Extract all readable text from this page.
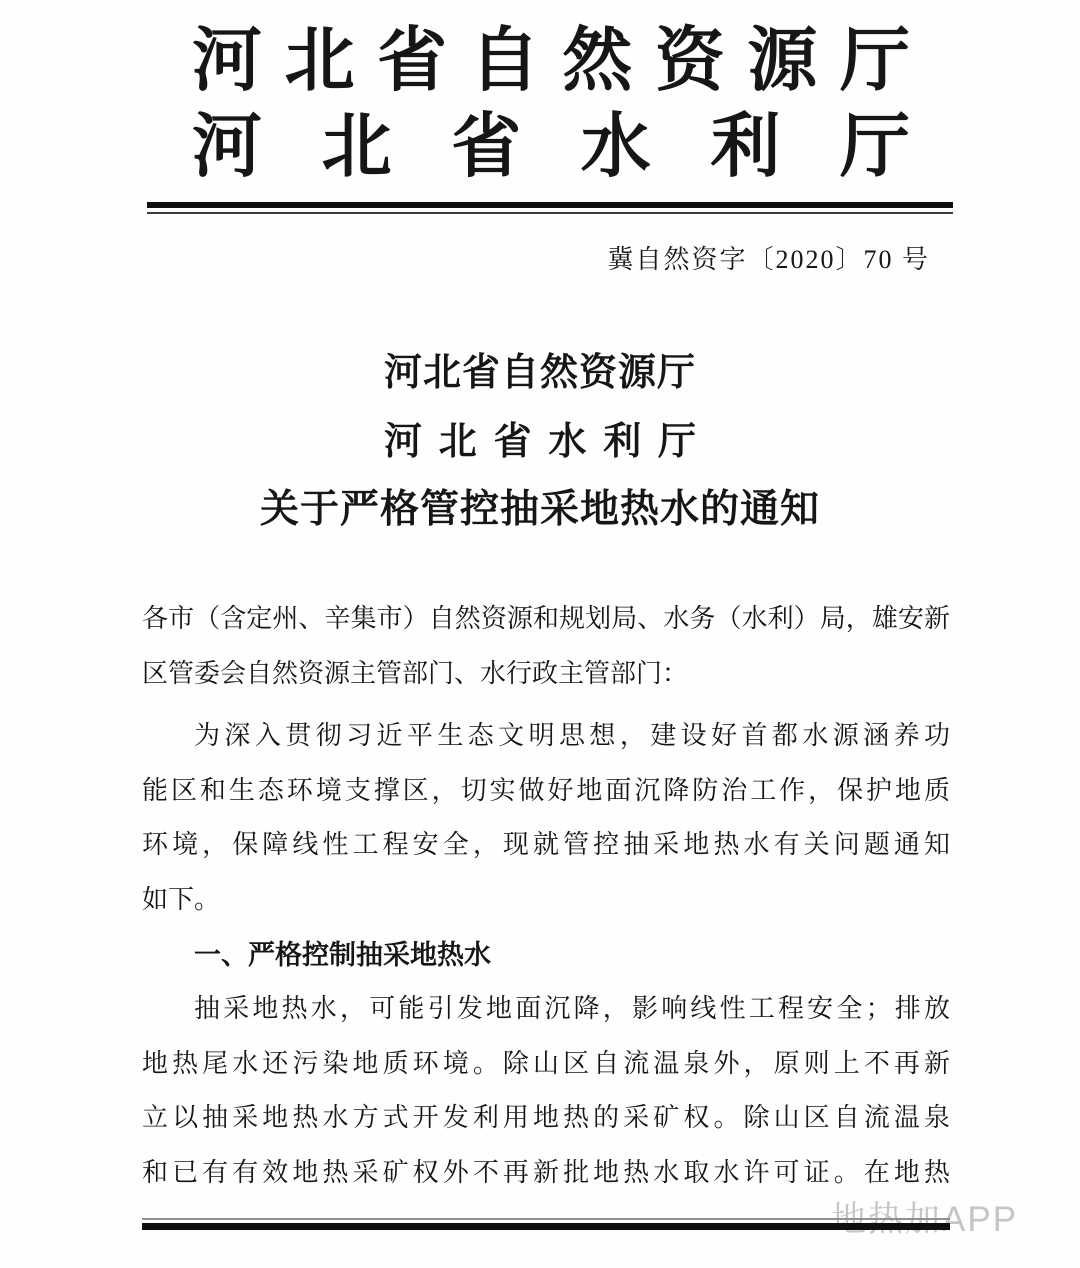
河 北 省 自 然 资 源 厅
河 北 省 水 利 厅
冀自然资字〔2020〕70 号
河北省自然资源厅
河 北 省 水 利 厅
关于严格管控抽采地热水的通知
各市（含定州、辛集市）自然资源和规划局、水务（水利）局，雄安新
区管委会自然资源主管部门、水行政主管部门：
为深入贯彻习近平生态文明思想，建设好首都水源涵养功
能区和生态环境支撑区，切实做好地面沉降防治工作，保护地质
环境，保障线性工程安全，现就管控抽采地热水有关问题通知
如下。
一、严格控制抽采地热水
抽采地热水，可能引发地面沉降，影响线性工程安全；排放
地热尾水还污染地质环境。除山区自流温泉外，原则上不再新
立以抽采地热水方式开发利用地热的采矿权。除山区自流温泉
和已有有效地热采矿权外不再新批地热水取水许可证。在地热
地热加APP
